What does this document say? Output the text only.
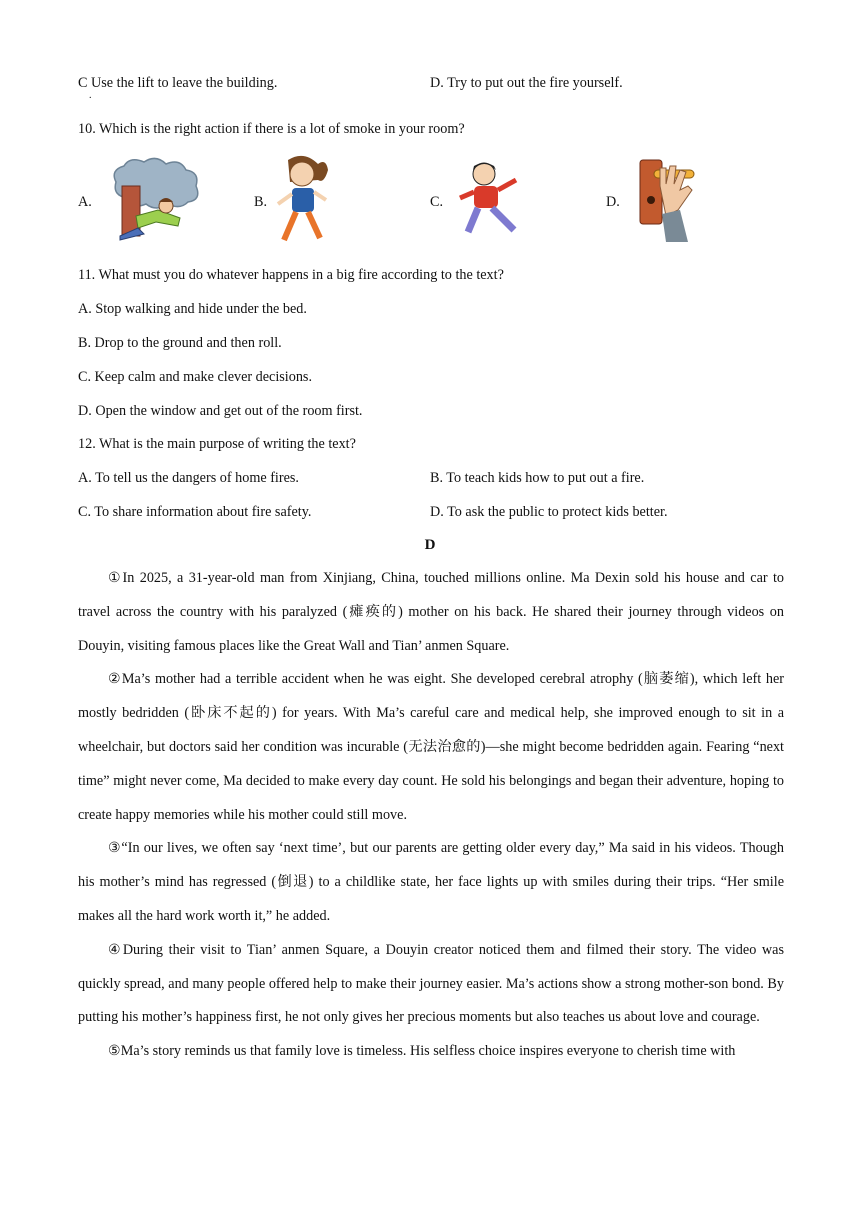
C Use the lift to leave the building.
.
D. Try to put out the fire yourself.
10. Which is the right action if there is a lot of smoke in your room?
A.	B.	C.	D.
11. What must you do whatever happens in a big fire according to the text?
A. Stop walking and hide under the bed.
B. Drop to the ground and then roll.
C. Keep calm and make clever decisions.
D. Open the window and get out of the room first.
12. What is the main purpose of writing the text?
A. To tell us the dangers of home fires.	B. To teach kids how to put out a fire.
C. To share information about fire safety.	D. To ask the public to protect kids better.
D

①In 2025, a 31-year-old man from Xinjiang, China, touched millions online. Ma Dexin sold his house and car to travel across the country with his paralyzed (瘫痪的) mother on his back. He shared their journey through videos on Douyin, visiting famous places like the Great Wall and Tian’ anmen Square.

②Ma’s mother had a terrible accident when he was eight. She developed cerebral atrophy (脑萎缩), which left her mostly bedridden (卧床不起的) for years. With Ma’s careful care and medical help, she improved enough to sit in a wheelchair, but doctors said her condition was incurable (无法治愈的)—she might become bedridden again. Fearing “next time” might never come, Ma decided to make every day count. He sold his belongings and began their adventure, hoping to create happy memories while his mother could still move.

③“In our lives, we often say ‘next time’, but our parents are getting older every day,” Ma said in his videos. Though his mother’s mind has regressed (倒退) to a childlike state, her face lights up with smiles during their trips. “Her smile makes all the hard work worth it,” he added.

④During their visit to Tian’ anmen Square, a Douyin creator noticed them and filmed their story. The video was quickly spread, and many people offered help to make their journey easier. Ma’s actions show a strong mother-son bond. By putting his mother’s happiness first, he not only gives her precious moments but also teaches us about love and courage.

⑤Ma’s story reminds us that family love is timeless. His selfless choice inspires everyone to cherish time with
